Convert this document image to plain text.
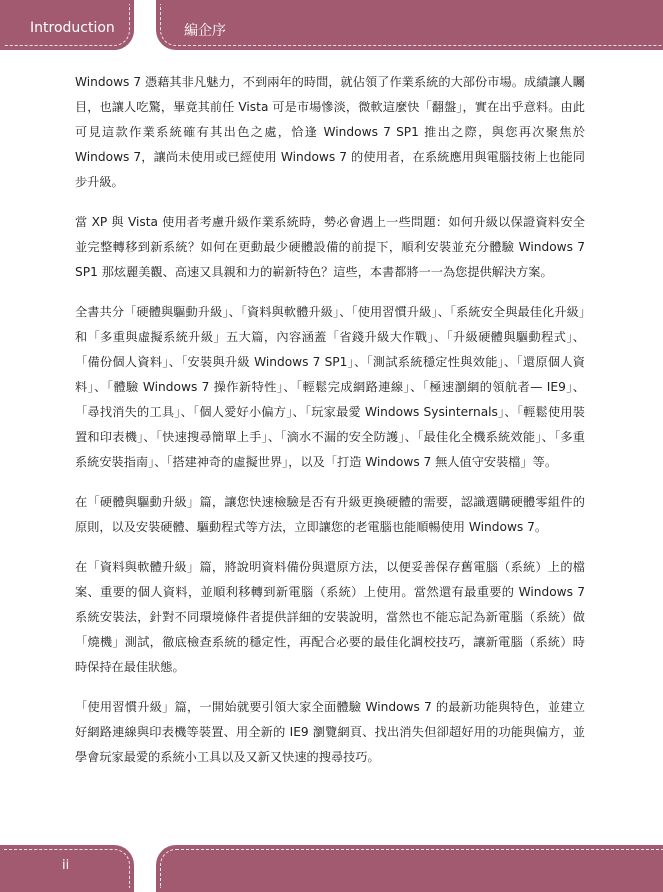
Introduction	編企序

Windows 7 憑藉其非凡魅力，不到兩年的時間，就佔領了作業系統的大部份市場。成績讓人矚目，也讓人吃驚，畢竟其前任 Vista 可是市場慘淡，微軟這麼快「翻盤」，實在出乎意料。由此可見這款作業系統確有其出色之處，恰逢 Windows 7 SP1 推出之際，與您再次聚焦於 Windows 7，讓尚未使用或已經使用 Windows 7 的使用者，在系統應用與電腦技術上也能同步升級。

當 XP 與 Vista 使用者考慮升級作業系統時，勢必會遇上一些問題：如何升級以保證資料安全並完整轉移到新系統？如何在更動最少硬體設備的前提下，順利安裝並充分體驗 Windows 7 SP1 那炫麗美觀、高速又具親和力的嶄新特色？這些，本書都將一一為您提供解決方案。

全書共分「硬體與驅動升級」、「資料與軟體升級」、「使用習慣升級」、「系統安全與最佳化升級」和「多重與虛擬系統升級」五大篇，內容涵蓋「省錢升級大作戰」、「升級硬體與驅動程式」、「備份個人資料」、「安裝與升級 Windows 7 SP1」、「測試系統穩定性與效能」、「還原個人資料」、「體驗 Windows 7 操作新特性」、「輕鬆完成網路連線」、「極速瀏網的領航者— IE9」、「尋找消失的工具」、「個人愛好小偏方」、「玩家最愛 Windows Sysinternals」、「輕鬆使用裝置和印表機」、「快速搜尋簡單上手」、「滴水不漏的安全防護」、「最佳化全機系統效能」、「多重系統安裝指南」、「搭建神奇的虛擬世界」，以及「打造 Windows 7 無人值守安裝檔」等。

在「硬體與驅動升級」篇，讓您快速檢驗是否有升級更換硬體的需要，認識選購硬體零組件的原則，以及安裝硬體、驅動程式等方法，立即讓您的老電腦也能順暢使用 Windows 7。

在「資料與軟體升級」篇，將說明資料備份與還原方法，以便妥善保存舊電腦（系統）上的檔案、重要的個人資料，並順利移轉到新電腦（系統）上使用。當然還有最重要的 Windows 7 系統安裝法，針對不同環境條件者提供詳細的安裝說明，當然也不能忘記為新電腦（系統）做「燒機」測試，徹底檢查系統的穩定性，再配合必要的最佳化調校技巧，讓新電腦（系統）時時保持在最佳狀態。

「使用習慣升級」篇，一開始就要引領大家全面體驗 Windows 7 的最新功能與特色，並建立好網路連線與印表機等裝置、用全新的 IE9 瀏覽網頁、找出消失但卻超好用的功能與偏方，並學會玩家最愛的系統小工具以及又新又快速的搜尋技巧。

ii
